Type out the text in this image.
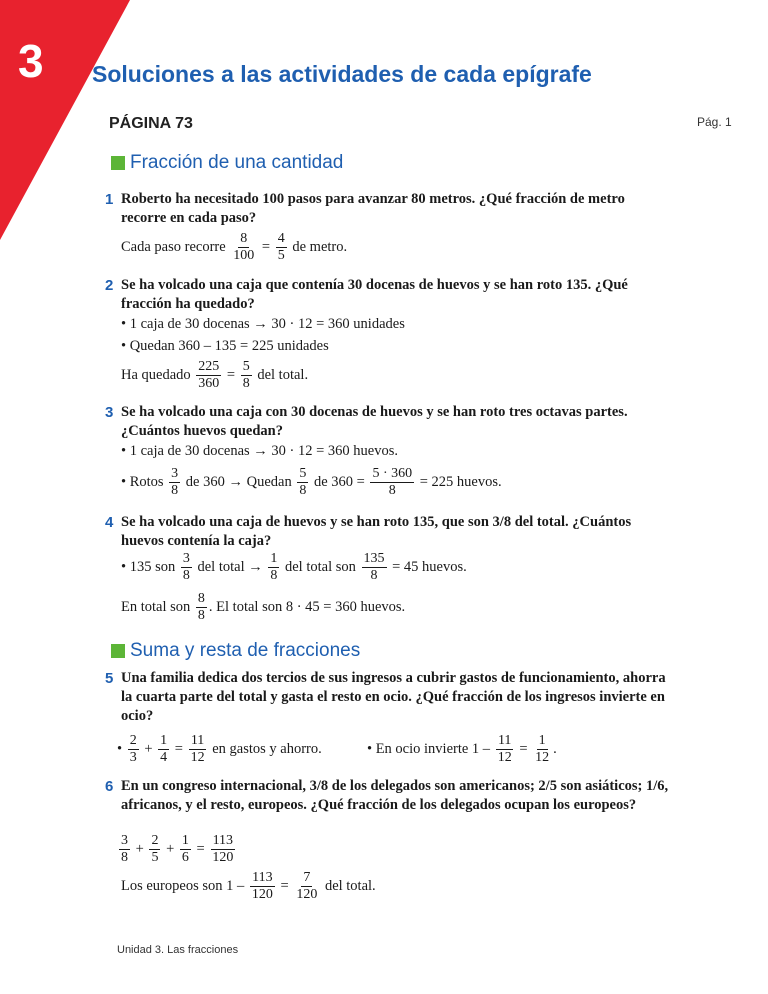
3 Soluciones a las actividades de cada epígrafe
PÁGINA 73	Pág. 1
Fracción de una cantidad
1 Roberto ha necesitado 100 pasos para avanzar 80 metros. ¿Qué fracción de metro recorre en cada paso?
Cada paso recorre $\frac{8}{100} = \frac{4}{5}$ de metro.
2 Se ha volcado una caja que contenía 30 docenas de huevos y se han roto 135. ¿Qué fracción ha quedado?
• 1 caja de 30 docenas → 30 · 12 = 360 unidades
• Quedan 360 – 135 = 225 unidades
Ha quedado $\frac{225}{360} = \frac{5}{8}$ del total.
3 Se ha volcado una caja con 30 docenas de huevos y se han roto tres octavas partes. ¿Cuántos huevos quedan?
• 1 caja de 30 docenas → 30 · 12 = 360 huevos.
• Rotos $\frac{3}{8}$ de 360 → Quedan $\frac{5}{8}$ de $360 = \frac{5 \cdot 360}{8} = 225$ huevos.
4 Se ha volcado una caja de huevos y se han roto 135, que son 3/8 del total. ¿Cuántos huevos contenía la caja?
• 135 son $\frac{3}{8}$ del total → $\frac{1}{8}$ del total son $\frac{135}{8} = 45$ huevos.
En total son $\frac{8}{8}$ . El total son 8 · 45 = 360 huevos.
Suma y resta de fracciones
5 Una familia dedica dos tercios de sus ingresos a cubrir gastos de funcionamiento, ahorra la cuarta parte del total y gasta el resto en ocio. ¿Qué fracción de los ingresos invierte en ocio?
• $\frac{2}{3} + \frac{1}{4} = \frac{11}{12}$ en gastos y ahorro.	• En ocio invierte $1 - \frac{11}{12} = \frac{1}{12}$ .
6 En un congreso internacional, 3/8 de los delegados son americanos; 2/5 son asiáticos; 1/6, africanos, y el resto, europeos. ¿Qué fracción de los delegados ocupan los europeos?
$\frac{3}{8} + \frac{2}{5} + \frac{1}{6} = \frac{113}{120}$
Los europeos son $1 - \frac{113}{120} = \frac{7}{120}$ del total.
Unidad 3. Las fracciones
